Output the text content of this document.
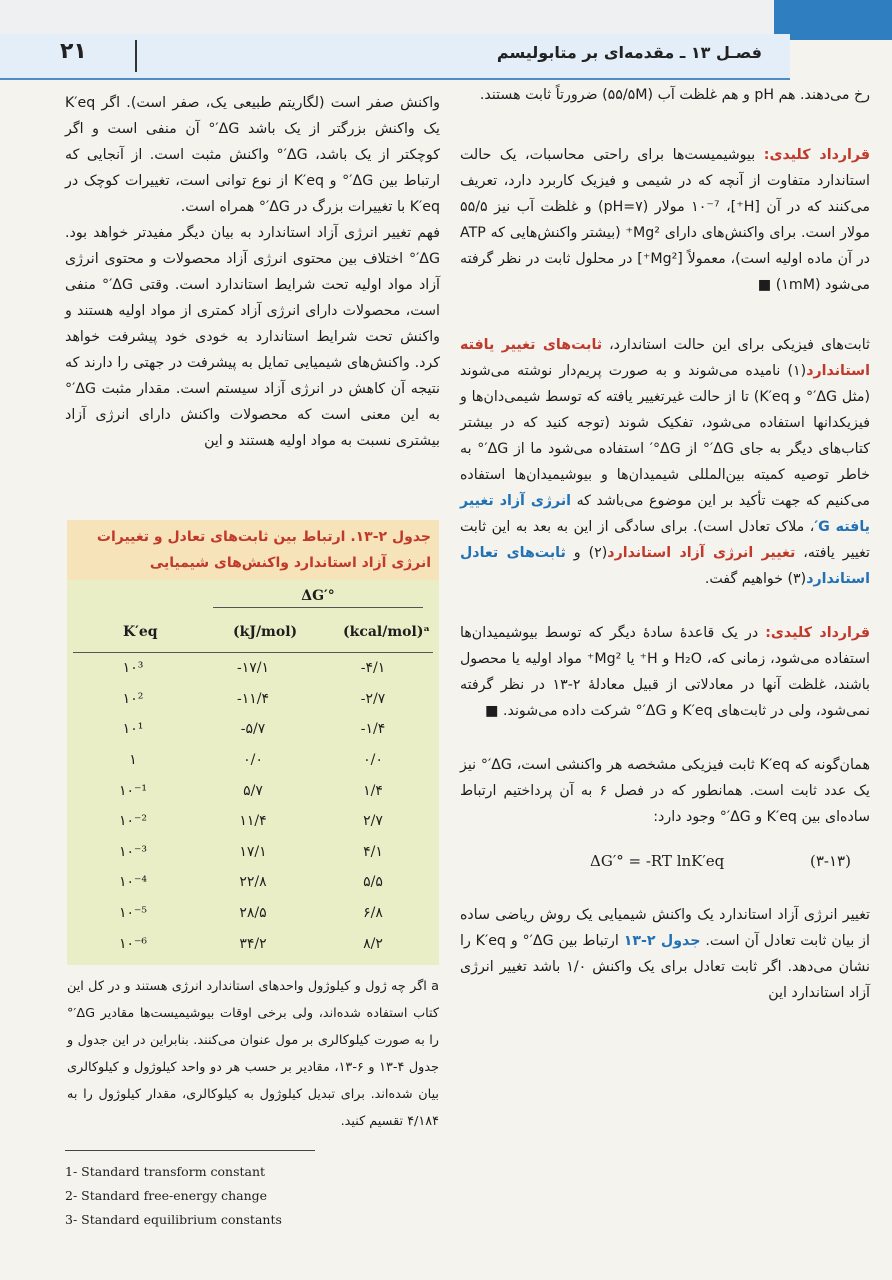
۲۱	فصـل ۱۳ ـ مقدمه‌ای بر متابولیسم

رخ می‌دهند. هم pH و هم غلظت آب (۵۵/۵M) ضرورتاً ثابت هستند.

قرارداد کلیدی: بیوشیمیست‌ها برای راحتی محاسبات، یک حالت استاندارد متفاوت از آنچه که در شیمی و فیزیک کاربرد دارد، تعریف می‌کنند که در آن [H⁺]، ۱۰⁻⁷ مولار (pH=۷) و غلظت آب نیز ۵۵/۵ مولار است. برای واکنش‌های دارای Mg²⁺ (بیشتر واکنش‌هایی که ATP در آن ماده اولیه است)، معمولاً [Mg²⁺] در محلول ثابت در نظر گرفته می‌شود (۱mM) ■

ثابت‌های فیزیکی برای این حالت استاندارد، ثابت‌های تغییر یافته استاندارد(۱) نامیده می‌شوند و به صورت پریم‌دار نوشته می‌شوند (مثل ΔG′° و K′eq) تا از حالت غیرتغییر یافته که توسط شیمی‌دان‌ها و فیزیکدانها استفاده می‌شود، تفکیک شوند (توجه کنید که در بیشتر کتاب‌های دیگر به جای ΔG′° از ΔG°′ استفاده می‌شود ما از ΔG′° به خاطر توصیه کمیته بین‌المللی شیمیدان‌ها و بیوشیمیدان‌ها استفاده می‌کنیم که جهت تأکید بر این موضوع می‌باشد که انرژی آزاد تغییر یافته G′، ملاک تعادل است). برای سادگی از این به بعد به این ثابت تغییر یافته، تغییر انرژی آزاد استاندارد(۲) و ثابت‌های تعادل استاندارد(۳) خواهیم گفت.

قرارداد کلیدی: در یک قاعدهٔ سادهٔ دیگر که توسط بیوشیمیدان‌ها استفاده می‌شود، زمانی که، H₂O و H⁺ یا Mg²⁺ مواد اولیه یا محصول باشند، غلظت آنها در معادلاتی از قبیل معادلهٔ ۲-۱۳ در نظر گرفته نمی‌شود، ولی در ثابت‌های K′eq و ΔG′° شرکت داده می‌شوند. ■

همان‌گونه که K′eq ثابت فیزیکی مشخصه هر واکنشی است، ΔG′° نیز یک عدد ثابت است. همانطور که در فصل ۶ به آن پرداختیم ارتباط ساده‌ای بین K′eq و ΔG′° وجود دارد:

ΔG′° = -RT lnK′eq	(۳-۱۳)

تغییر انرژی آزاد استاندارد یک واکنش شیمیایی یک روش ریاضی ساده از بیان ثابت تعادل آن است. جدول ۲-۱۳ ارتباط بین ΔG′° و K′eq را نشان می‌دهد. اگر ثابت تعادل برای یک واکنش ۱/۰ باشد تغییر انرژی آزاد استاندارد این

واکنش صفر است (لگاریتم طبیعی یک، صفر است). اگر K′eq یک واکنش بزرگتر از یک باشد ΔG′° آن منفی است و اگر کوچکتر از یک باشد، ΔG′° واکنش مثبت است. از آنجایی که ارتباط بین ΔG′° و K′eq از نوع توانی است، تغییرات کوچک در K′eq با تغییرات بزرگ در ΔG′° همراه است.

فهم تغییر انرژی آزاد استاندارد به بیان دیگر مفیدتر خواهد بود. ΔG′° اختلاف بین محتوی انرژی آزاد محصولات و محتوی انرژی آزاد مواد اولیه تحت شرایط استاندارد است. وقتی ΔG′° منفی است، محصولات دارای انرژی آزاد کمتری از مواد اولیه هستند و واکنش تحت شرایط استاندارد به خودی خود پیشرفت خواهد کرد. واکنش‌های شیمیایی تمایل به پیشرفت در جهتی را دارند که نتیجه آن کاهش در انرژی آزاد سیستم است. مقدار مثبت ΔG′° به این معنی است که محصولات واکنش دارای انرژی آزاد بیشتری نسبت به مواد اولیه هستند و این

جدول ۲-۱۳. ارتباط بین ثابت‌های تعادل و تغییرات انرژی آزاد استاندارد واکنش‌های شیمیایی
ΔG′°
K′eq	(kJ/mol)	(kcal/mol)ᵃ
۱۰³	-۱۷/۱	-۴/۱
۱۰²	-۱۱/۴	-۲/۷
۱۰¹	-۵/۷	-۱/۴
۱	۰/۰	۰/۰
۱۰⁻¹	۵/۷	۱/۴
۱۰⁻²	۱۱/۴	۲/۷
۱۰⁻³	۱۷/۱	۴/۱
۱۰⁻⁴	۲۲/۸	۵/۵
۱۰⁻⁵	۲۸/۵	۶/۸
۱۰⁻⁶	۳۴/۲	۸/۲
a اگر چه ژول و کیلوژول واحدهای استاندارد انرژی هستند و در کل این کتاب استفاده شده‌اند، ولی برخی اوقات بیوشیمیست‌ها مقادیر ΔG′° را به صورت کیلوکالری بر مول عنوان می‌کنند. بنابراین در این جدول و جدول ۴-۱۳ و ۶-۱۳، مقادیر بر حسب هر دو واحد کیلوژول و کیلوکالری بیان شده‌اند. برای تبدیل کیلوژول به کیلوکالری، مقدار کیلوژول را به ۴/۱۸۴ تقسیم کنید.
1- Standard transform constant
2- Standard free-energy change
3- Standard equilibrium constants
